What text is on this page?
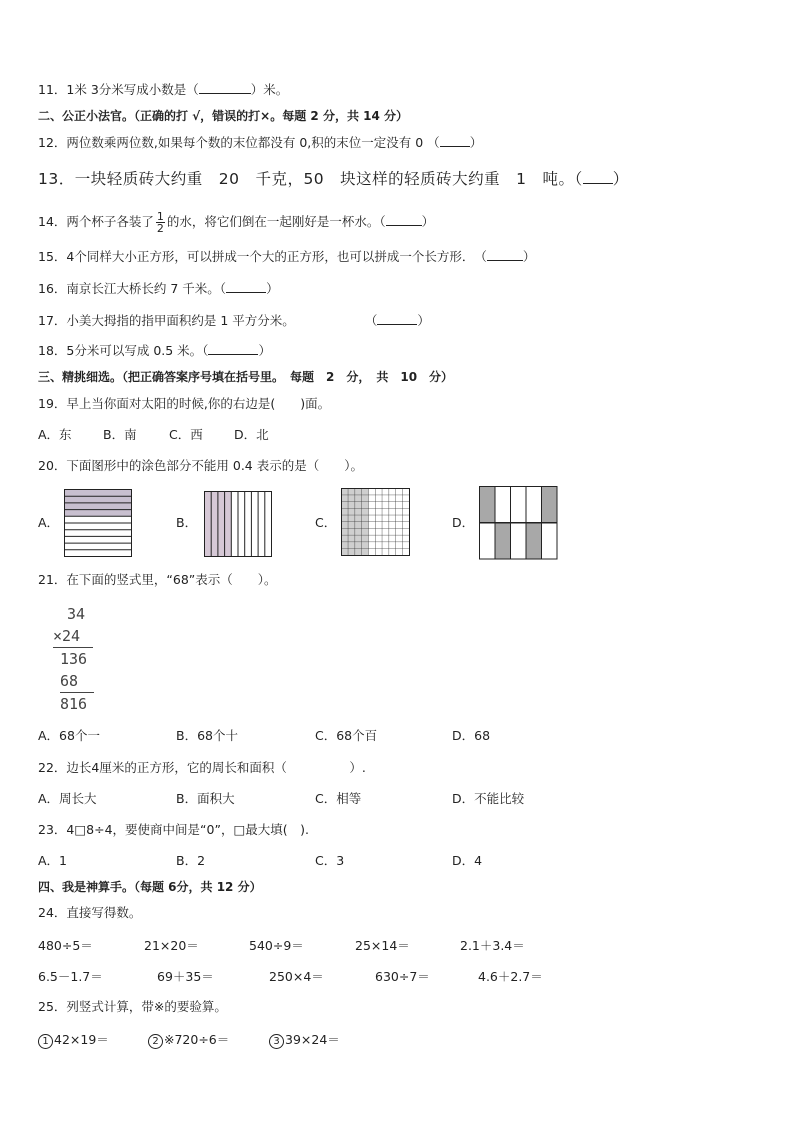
11．1米 3分米写成小数是（	）米。
二、公正小法官。（正确的打 √，错误的打×。每题 2 分，共 14 分）
12．两位数乘两位数,如果每个数的末位都没有 0,积的末位一定没有 0 （ ）
13．一块轻质砖大约重　20　千克，50　块这样的轻质砖大约重　1　吨。（ ）
14．两个杯子各装了 $\frac{1}{2}$ 的水，将它们倒在一起刚好是一杯水。（	）
15．4个同样大小正方形，可以拼成一个大的正方形，也可以拼成一个长方形．　（	）
16．南京长江大桥长约 7 千米。（	）
17．小美大拇指的指甲面积约是 1 平方分米。	（	）
18．5分米可以写成 0.5 米。（	）
三、精挑细选。（把正确答案序号填在括号里。　每题　2　分，　共　10　分）
19．早上当你面对太阳的时候,你的右边是(　　)面。
A．东	B．南	C．西	D．北
20．下面图形中的涂色部分不能用 0.4 表示的是（　　）。
A．	B．	C．	D．
21．在下面的竖式里，“68”表示（　　）。
34
×24
136
68
816
A．68个一	B．68个十	C．68个百	D．68
22．边长4厘米的正方形，它的周长和面积（　　　　　）.
A．周长大	B．面积大	C．相等	D．不能比较
23．4□8÷4，要使商中间是“0”，□最大填(　).
A．1	B．2	C．3	D．4
四、我是神算手。（每题 6分，共 12 分）
24．直接写得数。
480÷5＝	21×20＝	540÷9＝	25×14＝	2.1＋3.4＝
6.5－1.7＝	69＋35＝	250×4＝	630÷7＝	4.6＋2.7＝
25．列竖式计算，带※的要验算。
1 42×19＝	2 ※720÷6＝	3 39×24＝
